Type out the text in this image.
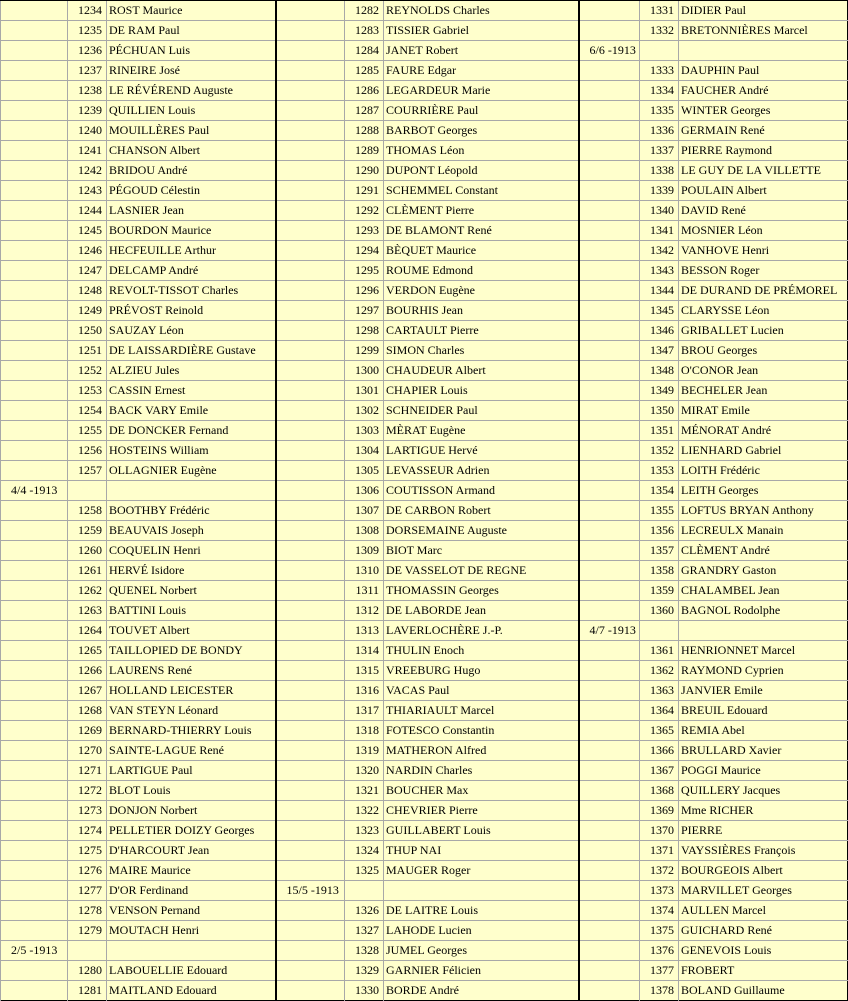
	1234	ROST Maurice		1282	REYNOLDS Charles		1331	DIDIER Paul
	1235	DE RAM Paul		1283	TISSIER Gabriel		1332	BRETONNIÈRES Marcel
	1236	PÉCHUAN Luis		1284	JANET Robert	6/6 -1913		
	1237	RINEIRE José		1285	FAURE Edgar		1333	DAUPHIN Paul
	1238	LE RÉVÉREND Auguste		1286	LEGARDEUR Marie		1334	FAUCHER André
	1239	QUILLIEN Louis		1287	COURRIÈRE Paul		1335	WINTER Georges
	1240	MOUILLÈRES Paul		1288	BARBOT Georges		1336	GERMAIN René
	1241	CHANSON Albert		1289	THOMAS Léon		1337	PIERRE Raymond
	1242	BRIDOU André		1290	DUPONT Léopold		1338	LE GUY DE LA VILLETTE
	1243	PÉGOUD Célestin		1291	SCHEMMEL Constant		1339	POULAIN Albert
	1244	LASNIER Jean		1292	CLÈMENT Pierre		1340	DAVID René
	1245	BOURDON Maurice		1293	DE BLAMONT René		1341	MOSNIER Léon
	1246	HECFEUILLE Arthur		1294	BÈQUET Maurice		1342	VANHOVE Henri
	1247	DELCAMP André		1295	ROUME Edmond		1343	BESSON Roger
	1248	REVOLT-TISSOT Charles		1296	VERDON Eugène		1344	DE DURAND DE PRÉMOREL
	1249	PRÉVOST Reinold		1297	BOURHIS Jean		1345	CLARYSSE Léon
	1250	SAUZAY Léon		1298	CARTAULT Pierre		1346	GRIBALLET Lucien
	1251	DE LAISSARDIÈRE Gustave		1299	SIMON Charles		1347	BROU Georges
	1252	ALZIEU Jules		1300	CHAUDEUR Albert		1348	O'CONOR Jean
	1253	CASSIN Ernest		1301	CHAPIER Louis		1349	BECHELER Jean
	1254	BACK VARY Emile		1302	SCHNEIDER Paul		1350	MIRAT Emile
	1255	DE DONCKER Fernand		1303	MÈRAT Eugène		1351	MÉNORAT André
	1256	HOSTEINS William		1304	LARTIGUE Hervé		1352	LIENHARD Gabriel
	1257	OLLAGNIER Eugène		1305	LEVASSEUR Adrien		1353	LOITH Frédéric
4/4 -1913				1306	COUTISSON Armand		1354	LEITH Georges
	1258	BOOTHBY Frédéric		1307	DE CARBON Robert		1355	LOFTUS BRYAN Anthony
	1259	BEAUVAIS Joseph		1308	DORSEMAINE Auguste		1356	LECREULX Manain
	1260	COQUELIN Henri		1309	BIOT Marc		1357	CLÈMENT André
	1261	HERVÉ Isidore		1310	DE VASSELOT DE REGNE		1358	GRANDRY Gaston
	1262	QUENEL Norbert		1311	THOMASSIN Georges		1359	CHALAMBEL Jean
	1263	BATTINI Louis		1312	DE LABORDE Jean		1360	BAGNOL Rodolphe
	1264	TOUVET Albert		1313	LAVERLOCHÈRE J.-P.	4/7 -1913		
	1265	TAILLOPIED DE BONDY		1314	THULIN Enoch		1361	HENRIONNET Marcel
	1266	LAURENS René		1315	VREEBURG Hugo		1362	RAYMOND Cyprien
	1267	HOLLAND LEICESTER		1316	VACAS Paul		1363	JANVIER Emile
	1268	VAN STEYN Léonard		1317	THIARIAULT Marcel		1364	BREUIL Edouard
	1269	BERNARD-THIERRY Louis		1318	FOTESCO Constantin		1365	REMIA Abel
	1270	SAINTE-LAGUE René		1319	MATHERON Alfred		1366	BRULLARD Xavier
	1271	LARTIGUE Paul		1320	NARDIN Charles		1367	POGGI Maurice
	1272	BLOT Louis		1321	BOUCHER Max		1368	QUILLERY Jacques
	1273	DONJON Norbert		1322	CHEVRIER Pierre		1369	Mme RICHER
	1274	PELLETIER DOIZY Georges		1323	GUILLABERT Louis		1370	PIERRE
	1275	D'HARCOURT Jean		1324	THUP NAI		1371	VAYSSIÈRES François
	1276	MAIRE Maurice		1325	MAUGER Roger		1372	BOURGEOIS Albert
	1277	D'OR Ferdinand	15/5 -1913				1373	MARVILLET Georges
	1278	VENSON Pernand		1326	DE LAITRE Louis		1374	AULLEN Marcel
	1279	MOUTACH Henri		1327	LAHODE Lucien		1375	GUICHARD René
2/5 -1913				1328	JUMEL Georges		1376	GENEVOIS Louis
	1280	LABOUELLIE Edouard		1329	GARNIER Félicien		1377	FROBERT
	1281	MAITLAND Edouard		1330	BORDE André		1378	BOLAND Guillaume
